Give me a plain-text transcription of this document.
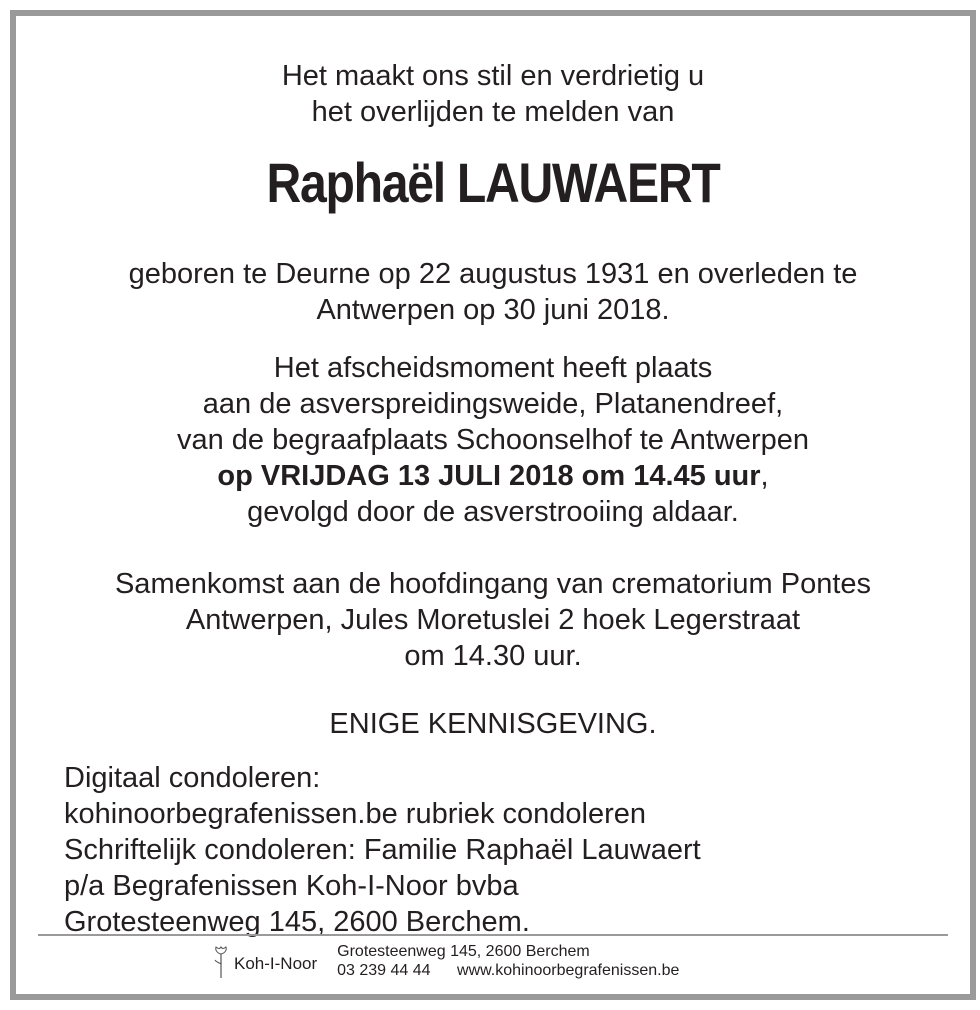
Het maakt ons stil en verdrietig u
het overlijden te melden van
Raphaël LAUWAERT
geboren te Deurne op 22 augustus 1931 en overleden te
Antwerpen op 30 juni 2018.
Het afscheidsmoment heeft plaats
aan de asverspreidingsweide, Platanendreef,
van de begraafplaats Schoonselhof te Antwerpen
op VRIJDAG 13 JULI 2018 om 14.45 uur,
gevolgd door de asverstrooiing aldaar.
Samenkomst aan de hoofdingang van crematorium Pontes
Antwerpen, Jules Moretuslei 2 hoek Legerstraat
om 14.30 uur.
ENIGE KENNISGEVING.
Digitaal condoleren:
kohinoorbegrafenissen.be rubriek condoleren
Schriftelijk condoleren: Familie Raphaël Lauwaert
p/a Begrafenissen Koh-I-Noor bvba
Grotesteenweg 145, 2600 Berchem.
Koh-I-Noor
Grotesteenweg 145, 2600 Berchem
03 239 44 44 www.kohinoorbegrafenissen.be
